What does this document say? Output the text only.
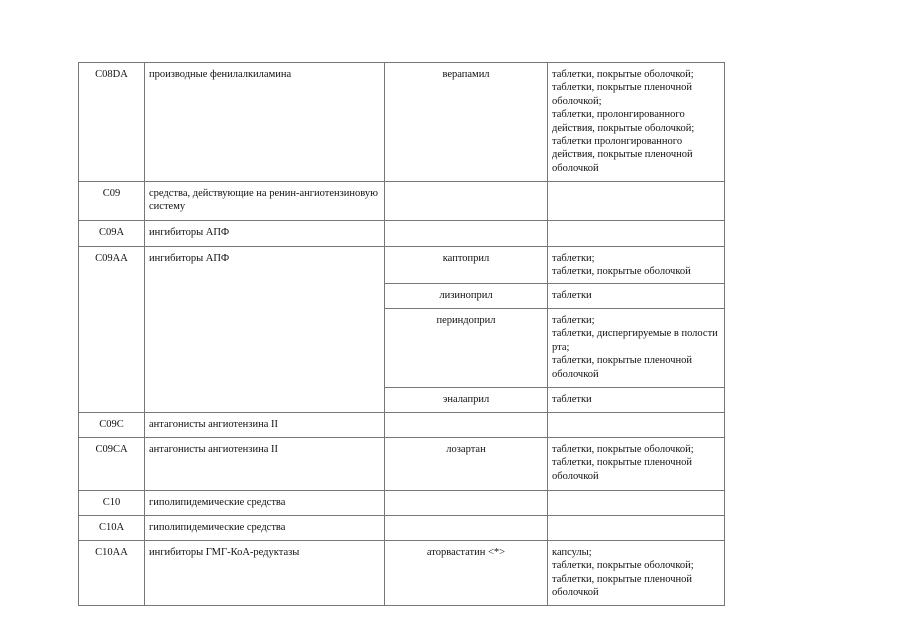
C08DA	производные фенилалкиламина	верапамил	таблетки, покрытые оболочкой;
таблетки, покрытые пленочной оболочкой;
таблетки, пролонгированного действия, покрытые оболочкой;
таблетки пролонгированного действия, покрытые пленочной оболочкой
C09	средства, действующие на ренин-ангиотензиновую систему		
C09A	ингибиторы АПФ		
C09AA	ингибиторы АПФ	каптоприл	таблетки;
таблетки, покрытые оболочкой
		лизиноприл	таблетки
		периндоприл	таблетки;
таблетки, диспергируемые в полости рта;
таблетки, покрытые пленочной оболочкой
		эналаприл	таблетки
C09C	антагонисты ангиотензина II		
C09CA	антагонисты ангиотензина II	лозартан	таблетки, покрытые оболочкой;
таблетки, покрытые пленочной оболочкой
C10	гиполипидемические средства		
C10A	гиполипидемические средства		
C10AA	ингибиторы ГМГ-КоА-редуктазы	аторвастатин <*>	капсулы;
таблетки, покрытые оболочкой;
таблетки, покрытые пленочной оболочкой
